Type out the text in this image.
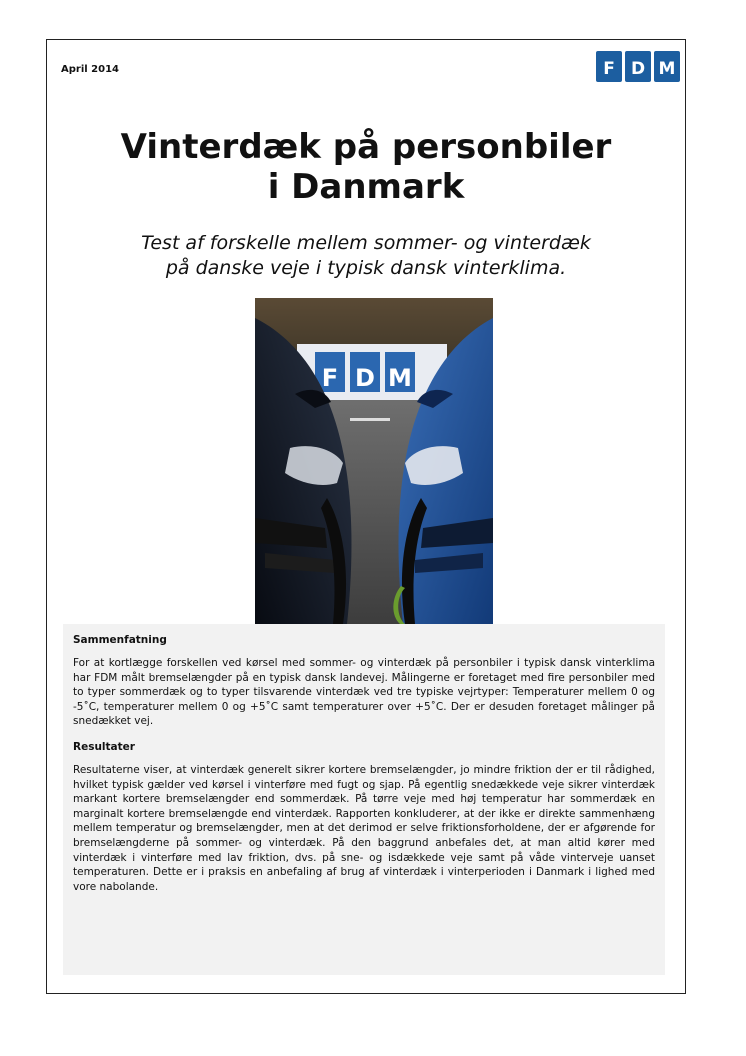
April 2014	F D M
Vinterdæk på personbiler
i Danmark
Test af forskelle mellem sommer- og vinterdæk
på danske veje i typisk dansk vinterklima.
F D M
Sammenfatning

For at kortlægge forskellen ved kørsel med sommer- og vinterdæk på personbiler i typisk dansk vinterklima har FDM målt bremselængder på en typisk dansk landevej. Målingerne er foretaget med fire personbiler med to typer sommerdæk og to typer tilsvarende vinterdæk ved tre typiske vejrtyper: Temperaturer mellem 0 og -5˚C, temperaturer mellem 0 og +5˚C samt temperaturer over +5˚C. Der er desuden foretaget målinger på snedækket vej.

Resultater

Resultaterne viser, at vinterdæk generelt sikrer kortere bremselængder, jo mindre friktion der er til rådighed, hvilket typisk gælder ved kørsel i vinterføre med fugt og sjap. På egentlig snedækkede veje sikrer vinterdæk markant kortere bremselængder end sommerdæk. På tørre veje med høj temperatur har sommerdæk en marginalt kortere bremselængde end vinterdæk. Rapporten konkluderer, at der ikke er direkte sammenhæng mellem temperatur og bremselængder, men at det derimod er selve friktionsforholdene, der er afgørende for bremselængderne på sommer- og vinterdæk. På den baggrund anbefales det, at man altid kører med vinterdæk i vinterføre med lav friktion, dvs. på sne- og isdækkede veje samt på våde vinterveje uanset temperaturen. Dette er i praksis en anbefaling af brug af vinterdæk i vinterperioden i Danmark i lighed med vore nabolande.
